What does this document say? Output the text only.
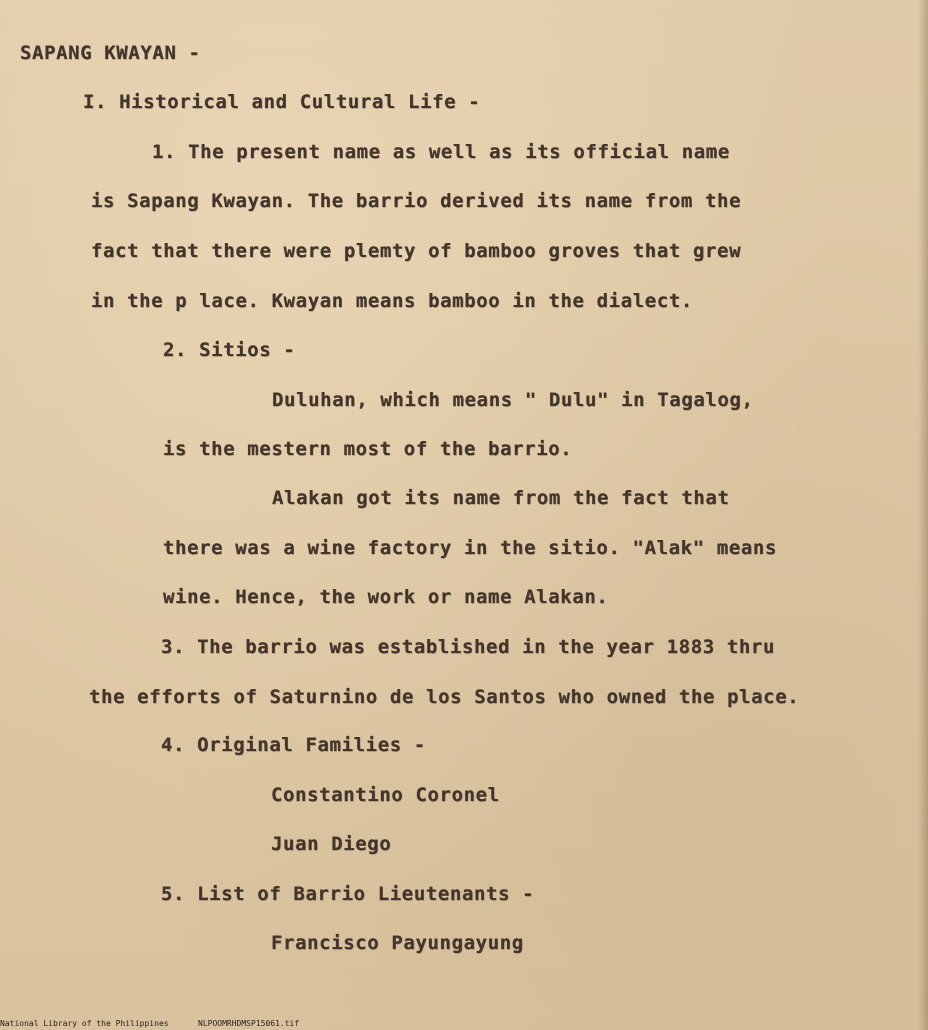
SAPANG KWAYAN -
I. Historical and Cultural Life -
1. The present name as well as its official name
is Sapang Kwayan. The barrio derived its name from the
fact that there were plemty of bamboo groves that grew
in the p lace. Kwayan means bamboo in the dialect.
2. Sitios -
Duluhan, which means " Dulu" in Tagalog,
is the mestern most of the barrio.
Alakan got its name from the fact that
there was a wine factory in the sitio. "Alak" means
wine. Hence, the work or name Alakan.
3. The barrio was established in the year 1883 thru
the efforts of Saturnino de los Santos who owned the place.
4. Original Families -
Constantino Coronel
Juan Diego
5. List of Barrio Lieutenants -
Francisco Payungayung
National Library of the Philippines	NLPOOMRHDMSP15061.tif
